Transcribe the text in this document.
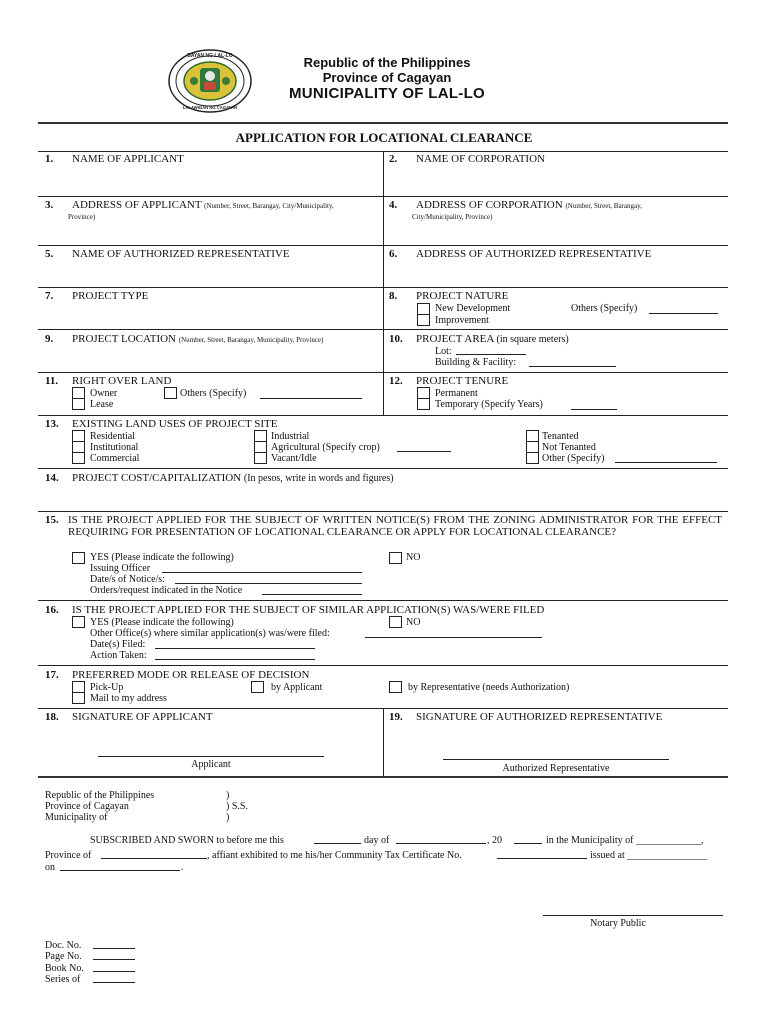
BAYAN NG LAL-LO
LALAWIGAN NG CAGAYAN
Republic of the Philippines
Province of Cagayan
MUNICIPALITY OF LAL-LO
APPLICATION FOR LOCATIONAL CLEARANCE
1. NAME OF APPLICANT	2. NAME OF CORPORATION
3. ADDRESS OF APPLICANT (Number, Street, Barangay, City/Municipality,
Province)
4. ADDRESS OF CORPORATION (Number, Street, Barangay,
City/Municipality, Province)
5. NAME OF AUTHORIZED REPRESENTATIVE	6. ADDRESS OF AUTHORIZED REPRESENTATIVE
7. PROJECT TYPE	8. PROJECT NATURE
New Development
Improvement
Others (Specify)
9. PROJECT LOCATION (Number, Street, Barangay, Municipality, Province)	10. PROJECT AREA (in square meters)
Lot:
Building & Facility:
11. RIGHT OVER LAND
Owner
Lease
Others (Specify)
12. PROJECT TENURE
Permanent
Temporary (Specify Years)
13. EXISTING LAND USES OF PROJECT SITE
Residential
Institutional
Commercial
Industrial
Agricultural (Specify crop)
Vacant/Idle
Tenanted
Not Tenanted
Other (Specify)
14. PROJECT COST/CAPITALIZATION (In pesos, write in words and figures)
15. IS THE PROJECT APPLIED FOR THE SUBJECT OF WRITTEN NOTICE(S) FROM THE ZONING ADMINISTRATOR FOR THE EFFECT REQUIRING FOR PRESENTATION OF LOCATIONAL CLEARANCE OR APPLY FOR LOCATIONAL CLEARANCE?
YES (Please indicate the following)	NO
Issuing Officer
Date/s of Notice/s:
Orders/request indicated in the Notice
16. IS THE PROJECT APPLIED FOR THE SUBJECT OF SIMILAR APPLICATION(S) WAS/WERE FILED
YES (Please indicate the following)	NO
Other Office(s) where similar application(s) was/were filed:
Date(s) Filed:
Action Taken:
17. PREFERRED MODE OR RELEASE OF DECISION
Pick-Up
Mail to my address
by Applicant	by Representative (needs Authorization)
18. SIGNATURE OF APPLICANT
Applicant
19. SIGNATURE OF AUTHORIZED REPRESENTATIVE
Authorized Representative
Republic of the Philippines
Province of Cagayan
Municipality of
)
) S.S.
)
SUBSCRIBED AND SWORN to before me this	day of	, 20	in the Municipality of _____________,
Province of	, affiant exhibited to me his/her Community Tax Certificate No.	issued at ________________
on	.
Notary Public
Doc. No.
Page No.
Book No.
Series of
